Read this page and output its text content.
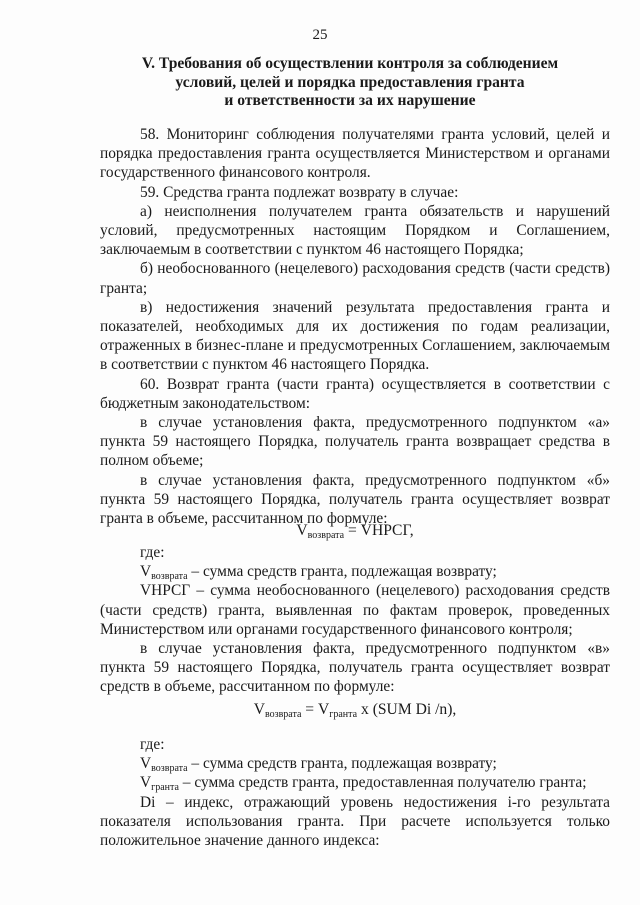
25
V. Требования об осуществлении контроля за соблюдением
условий, целей и порядка предоставления гранта
и ответственности за их нарушение

58. Мониторинг соблюдения получателями гранта условий, целей и порядка предоставления гранта осуществляется Министерством и органами государственного финансового контроля.

59. Средства гранта подлежат возврату в случае:

а) неисполнения получателем гранта обязательств и нарушений условий, предусмотренных настоящим Порядком и Соглашением, заключаемым в соответствии с пунктом 46 настоящего Порядка;

б) необоснованного (нецелевого) расходования средств (части средств) гранта;

в) недостижения значений результата предоставления гранта и показателей, необходимых для их достижения по годам реализации, отраженных в бизнес-плане и предусмотренных Соглашением, заключаемым в соответствии с пунктом 46 настоящего Порядка.

60. Возврат гранта (части гранта) осуществляется в соответствии с бюджетным законодательством:

в случае установления факта, предусмотренного подпунктом «а» пункта 59 настоящего Порядка, получатель гранта возвращает средства в полном объеме;

в случае установления факта, предусмотренного подпунктом «б» пункта 59 настоящего Порядка, получатель гранта осуществляет возврат гранта в объеме, рассчитанном по формуле:

$V_{возврата}$ = VНРСГ,

где:

$V_{возврата}$ – сумма средств гранта, подлежащая возврату;

VНРСГ – сумма необоснованного (нецелевого) расходования средств (части средств) гранта, выявленная по фактам проверок, проведенных Министерством или органами государственного финансового контроля;

в случае установления факта, предусмотренного подпунктом «в» пункта 59 настоящего Порядка, получатель гранта осуществляет возврат средств в объеме, рассчитанном по формуле:

$V_{возврата} = V_{гранта}$ x (SUM Di /n),

где:

$V_{возврата}$ – сумма средств гранта, подлежащая возврату;

$V_{гранта}$ – сумма средств гранта, предоставленная получателю гранта;

Di – индекс, отражающий уровень недостижения i-го результата показателя использования гранта. При расчете используется только положительное значение данного индекса:
